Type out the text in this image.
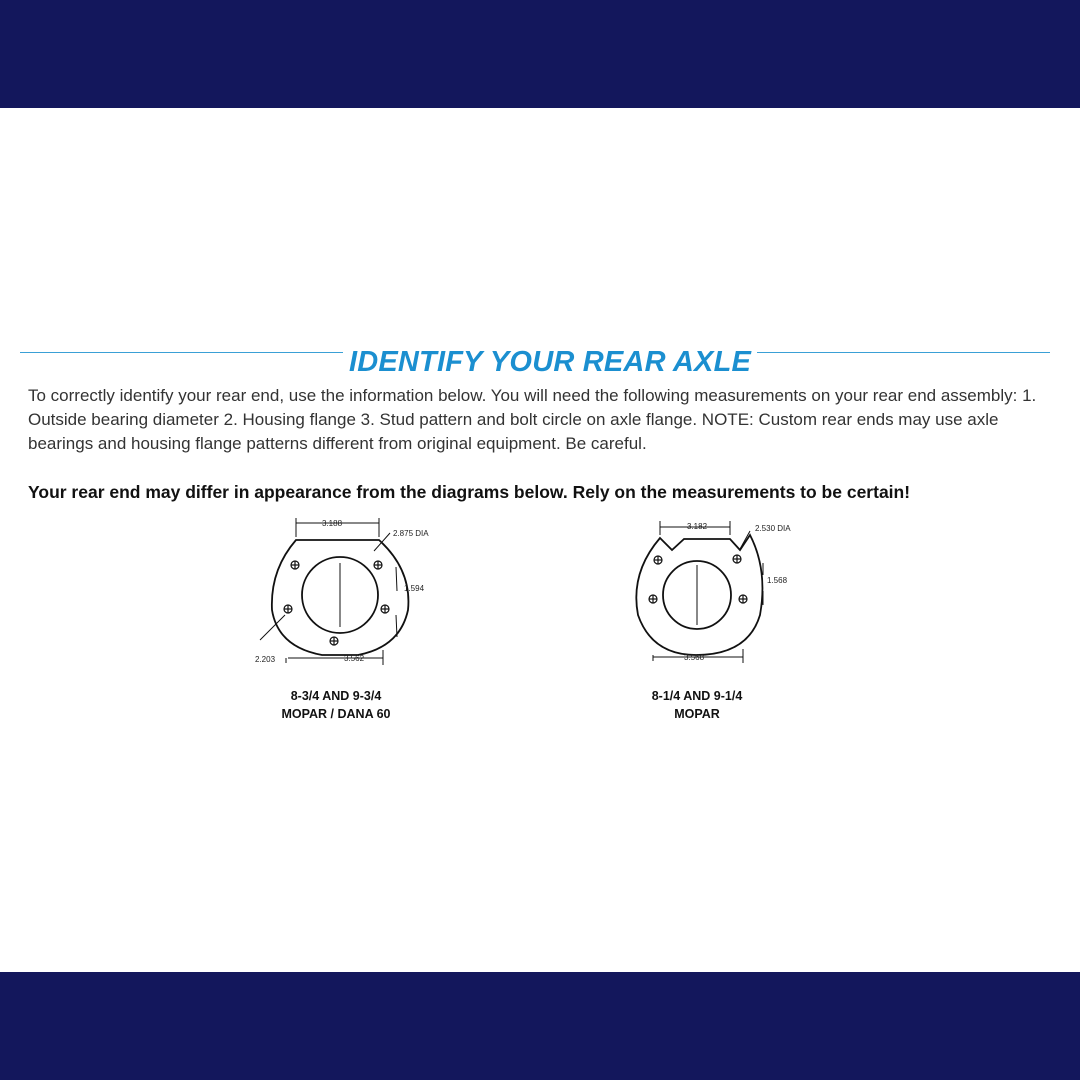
IDENTIFY YOUR REAR AXLE

To correctly identify your rear end, use the information below. You will need the following measurements on your rear end assembly: 1. Outside bearing diameter 2. Housing flange 3. Stud pattern and bolt circle on axle flange. NOTE: Custom rear ends may use axle bearings and housing flange patterns different from original equipment. Be careful.

Your rear end may differ in appearance from the diagrams below. Rely on the measurements to be certain!

3.188
2.875 DIA
1.594
2.203	3.562
8-3/4 AND 9-3/4
MOPAR / DANA 60
3.182	2.530 DIA
1.568
3.568
8-1/4 AND 9-1/4
MOPAR
